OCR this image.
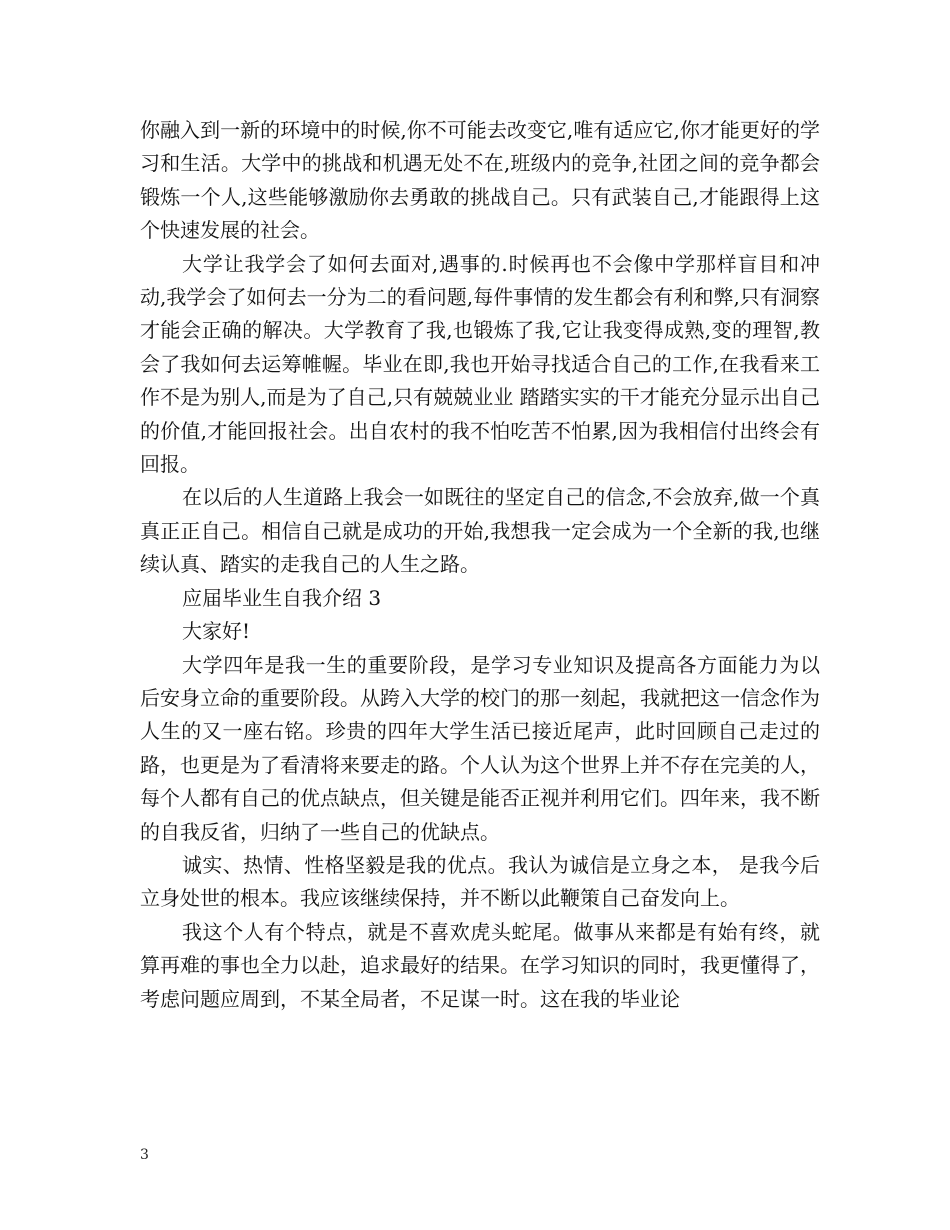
你融入到一新的环境中的时候,你不可能去改变它,唯有适应它,你才能更好的学习和生活。大学中的挑战和机遇无处不在,班级内的竞争,社团之间的竞争都会锻炼一个人,这些能够激励你去勇敢的挑战自己。只有武装自己,才能跟得上这个快速发展的社会。

大学让我学会了如何去面对,遇事的.时候再也不会像中学那样盲目和冲动,我学会了如何去一分为二的看问题,每件事情的发生都会有利和弊,只有洞察才能会正确的解决。大学教育了我,也锻炼了我,它让我变得成熟,变的理智,教会了我如何去运筹帷幄。毕业在即,我也开始寻找适合自己的工作,在我看来工作不是为别人,而是为了自己,只有兢兢业业 踏踏实实的干才能充分显示出自己的价值,才能回报社会。出自农村的我不怕吃苦不怕累,因为我相信付出终会有回报。

在以后的人生道路上我会一如既往的坚定自己的信念,不会放弃,做一个真真正正自己。相信自己就是成功的开始,我想我一定会成为一个全新的我,也继续认真、踏实的走我自己的人生之路。

应届毕业生自我介绍 3

大家好!

大学四年是我一生的重要阶段，是学习专业知识及提高各方面能力为以后安身立命的重要阶段。从跨入大学的校门的那一刻起，我就把这一信念作为人生的又一座右铭。珍贵的四年大学生活已接近尾声，此时回顾自己走过的路，也更是为了看清将来要走的路。个人认为这个世界上并不存在完美的人，每个人都有自己的优点缺点，但关键是能否正视并利用它们。四年来，我不断的自我反省，归纳了一些自己的优缺点。

诚实、热情、性格坚毅是我的优点。我认为诚信是立身之本， 是我今后立身处世的根本。我应该继续保持，并不断以此鞭策自己奋发向上。

我这个人有个特点，就是不喜欢虎头蛇尾。做事从来都是有始有终，就算再难的事也全力以赴，追求最好的结果。在学习知识的同时，我更懂得了，考虑问题应周到，不某全局者，不足谋一时。这在我的毕业论

3
